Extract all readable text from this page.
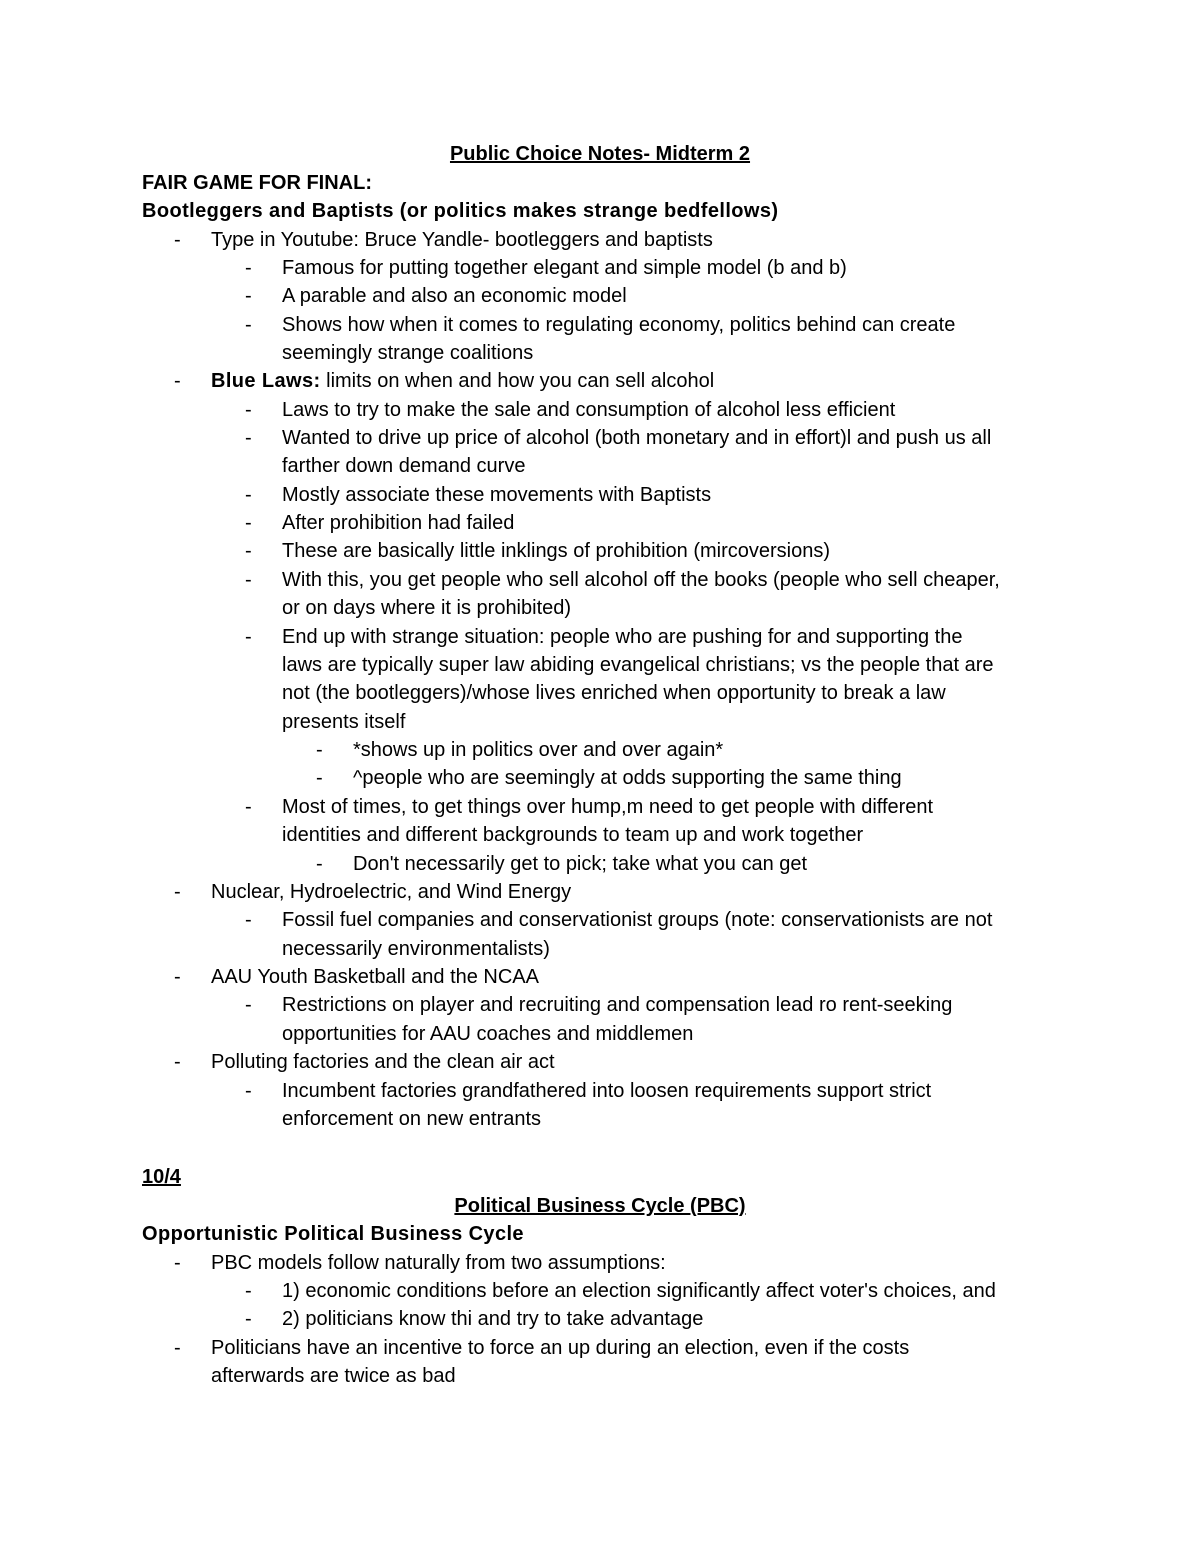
Public Choice Notes- Midterm 2

FAIR GAME FOR FINAL:

Bootleggers and Baptists (or politics makes strange bedfellows)

- Type in Youtube: Bruce Yandle- bootleggers and baptists
- Famous for putting together elegant and simple model (b and b)
- A parable and also an economic model
- Shows how when it comes to regulating economy, politics behind can create
seemingly strange coalitions
- Blue Laws: limits on when and how you can sell alcohol
- Laws to try to make the sale and consumption of alcohol less efficient
- Wanted to drive up price of alcohol (both monetary and in effort)l and push us all
farther down demand curve
- Mostly associate these movements with Baptists
- After prohibition had failed
- These are basically little inklings of prohibition (mircoversions)
- With this, you get people who sell alcohol off the books (people who sell cheaper,
or on days where it is prohibited)
- End up with strange situation: people who are pushing for and supporting the
laws are typically super law abiding evangelical christians; vs the people that are
not (the bootleggers)/whose lives enriched when opportunity to break a law
presents itself
- *shows up in politics over and over again*
- ^people who are seemingly at odds supporting the same thing
- Most of times, to get things over hump,m need to get people with different
identities and different backgrounds to team up and work together
- Don't necessarily get to pick; take what you can get
- Nuclear, Hydroelectric, and Wind Energy
- Fossil fuel companies and conservationist groups (note: conservationists are not
necessarily environmentalists)
- AAU Youth Basketball and the NCAA
- Restrictions on player and recruiting and compensation lead ro rent-seeking
opportunities for AAU coaches and middlemen
- Polluting factories and the clean air act
- Incumbent factories grandfathered into loosen requirements support strict
enforcement on new entrants

10/4

Political Business Cycle (PBC)

Opportunistic Political Business Cycle

- PBC models follow naturally from two assumptions:
- 1) economic conditions before an election significantly affect voter's choices, and
- 2) politicians know thi and try to take advantage
- Politicians have an incentive to force an up during an election, even if the costs
afterwards are twice as bad
